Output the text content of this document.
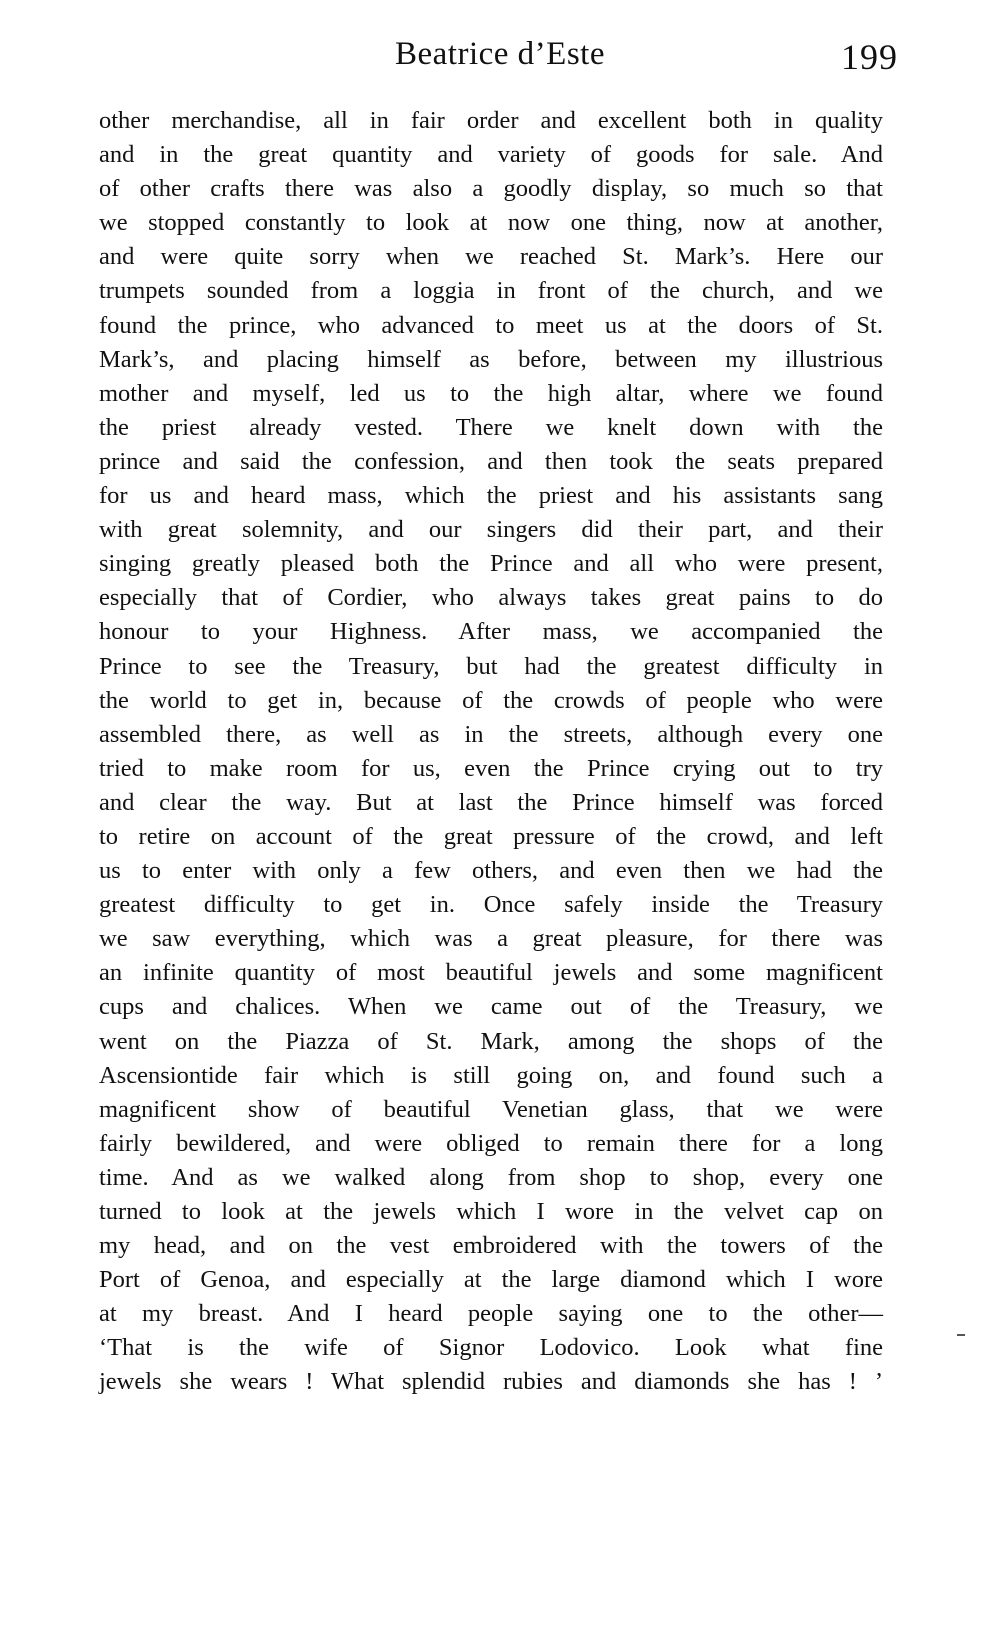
Beatrice d’Este	199
other merchandise, all in fair order and excellent both in quality
and in the great quantity and variety of goods for sale. And
of other crafts there was also a goodly display, so much so that
we stopped constantly to look at now one thing, now at another,
and were quite sorry when we reached St. Mark’s. Here our
trumpets sounded from a loggia in front of the church, and we
found the prince, who advanced to meet us at the doors of St.
Mark’s, and placing himself as before, between my illustrious
mother and myself, led us to the high altar, where we found
the priest already vested. There we knelt down with the
prince and said the confession, and then took the seats prepared
for us and heard mass, which the priest and his assistants sang
with great solemnity, and our singers did their part, and their
singing greatly pleased both the Prince and all who were present,
especially that of Cordier, who always takes great pains to do
honour to your Highness. After mass, we accompanied the
Prince to see the Treasury, but had the greatest difficulty in
the world to get in, because of the crowds of people who were
assembled there, as well as in the streets, although every one
tried to make room for us, even the Prince crying out to try
and clear the way. But at last the Prince himself was forced
to retire on account of the great pressure of the crowd, and left
us to enter with only a few others, and even then we had the
greatest difficulty to get in. Once safely inside the Treasury
we saw everything, which was a great pleasure, for there was
an infinite quantity of most beautiful jewels and some magnificent
cups and chalices. When we came out of the Treasury, we
went on the Piazza of St. Mark, among the shops of the
Ascensiontide fair which is still going on, and found such a
magnificent show of beautiful Venetian glass, that we were
fairly bewildered, and were obliged to remain there for a long
time. And as we walked along from shop to shop, every one
turned to look at the jewels which I wore in the velvet cap on
my head, and on the vest embroidered with the towers of the
Port of Genoa, and especially at the large diamond which I wore
at my breast. And I heard people saying one to the other—
‘That is the wife of Signor Lodovico. Look what fine
jewels she wears ! What splendid rubies and diamonds she has ! ’
